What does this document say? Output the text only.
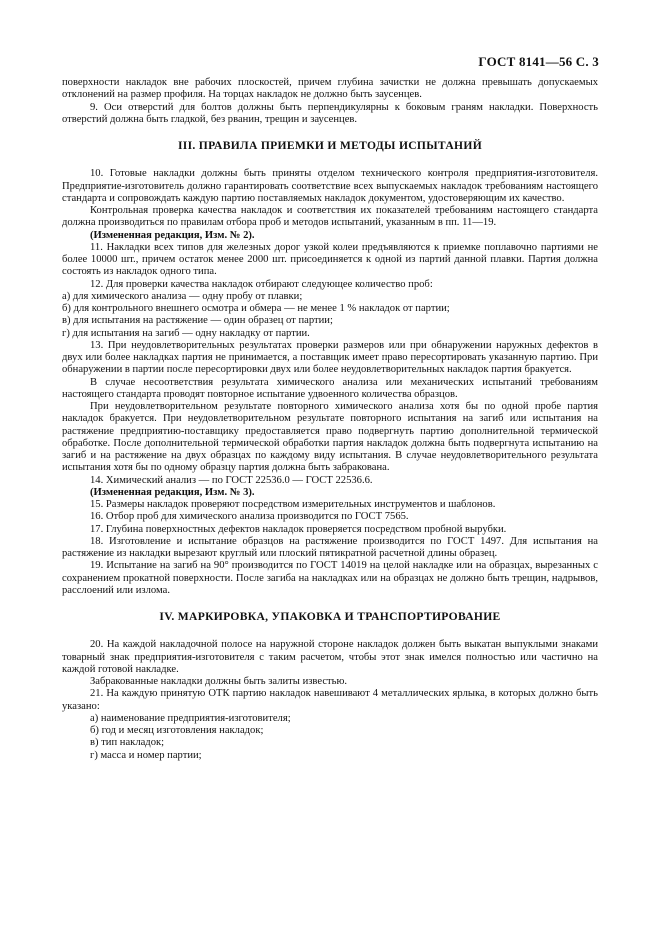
ГОСТ 8141—56 С. 3

поверхности накладок вне рабочих плоскостей, причем глубина зачистки не должна превышать допускаемых отклонений на размер профиля. На торцах накладок не должно быть заусенцев.

9. Оси отверстий для болтов должны быть перпендикулярны к боковым граням накладки. Поверхность отверстий должна быть гладкой, без рванин, трещин и заусенцев.

III. ПРАВИЛА ПРИЕМКИ И МЕТОДЫ ИСПЫТАНИЙ

10. Готовые накладки должны быть приняты отделом технического контроля предприятия-изготовителя. Предприятие-изготовитель должно гарантировать соответствие всех выпускаемых накладок требованиям настоящего стандарта и сопровождать каждую партию поставляемых накладок документом, удостоверяющим их качество.

Контрольная проверка качества накладок и соответствия их показателей требованиям настоящего стандарта должна производиться по правилам отбора проб и методов испытаний, указанным в пп. 11—19.

(Измененная редакция, Изм. № 2).

11. Накладки всех типов для железных дорог узкой колеи предъявляются к приемке поплавочно партиями не более 10000 шт., причем остаток менее 2000 шт. присоединяется к одной из партий данной плавки. Партия должна состоять из накладок одного типа.

12. Для проверки качества накладок отбирают следующее количество проб:

а) для химического анализа — одну пробу от плавки;

б) для контрольного внешнего осмотра и обмера — не менее 1 % накладок от партии;

в) для испытания на растяжение — один образец от партии;

г) для испытания на загиб — одну накладку от партии.

13. При неудовлетворительных результатах проверки размеров или при обнаружении наружных дефектов в двух или более накладках партия не принимается, а поставщик имеет право пересортировать указанную партию. При обнаружении в партии после пересортировки двух или более неудовлетворительных накладок партия бракуется.

В случае несоответствия результата химического анализа или механических испытаний требованиям настоящего стандарта проводят повторное испытание удвоенного количества образцов.

При неудовлетворительном результате повторного химического анализа хотя бы по одной пробе партия накладок бракуется. При неудовлетворительном результате повторного испытания на загиб или испытания на растяжение предприятию-поставщику предоставляется право подвергнуть партию дополнительной термической обработке. После дополнительной термической обработки партия накладок должна быть подвергнута испытанию на загиб и на растяжение на двух образцах по каждому виду испытания. В случае неудовлетворительного результата испытания хотя бы по одному образцу партия должна быть забракована.

14. Химический анализ — по ГОСТ 22536.0 — ГОСТ 22536.6.

(Измененная редакция, Изм. № 3).

15. Размеры накладок проверяют посредством измерительных инструментов и шаблонов.

16. Отбор проб для химического анализа производится по ГОСТ 7565.

17. Глубина поверхностных дефектов накладок проверяется посредством пробной вырубки.

18. Изготовление и испытание образцов на растяжение производится по ГОСТ 1497. Для испытания на растяжение из накладки вырезают круглый или плоский пятикратной расчетной длины образец.

19. Испытание на загиб на 90° производится по ГОСТ 14019 на целой накладке или на образцах, вырезанных с сохранением прокатной поверхности. После загиба на накладках или на образцах не должно быть трещин, надрывов, расслоений или излома.

IV. МАРКИРОВКА, УПАКОВКА И ТРАНСПОРТИРОВАНИЕ

20. На каждой накладочной полосе на наружной стороне накладок должен быть выкатан выпуклыми знаками товарный знак предприятия-изготовителя с таким расчетом, чтобы этот знак имелся полностью или частично на каждой готовой накладке.

Забракованные накладки должны быть залиты известью.

21. На каждую принятую ОТК партию накладок навешивают 4 металлических ярлыка, в которых должно быть указано:

а) наименование предприятия-изготовителя;

б) год и месяц изготовления накладок;

в) тип накладок;

г) масса и номер партии;
